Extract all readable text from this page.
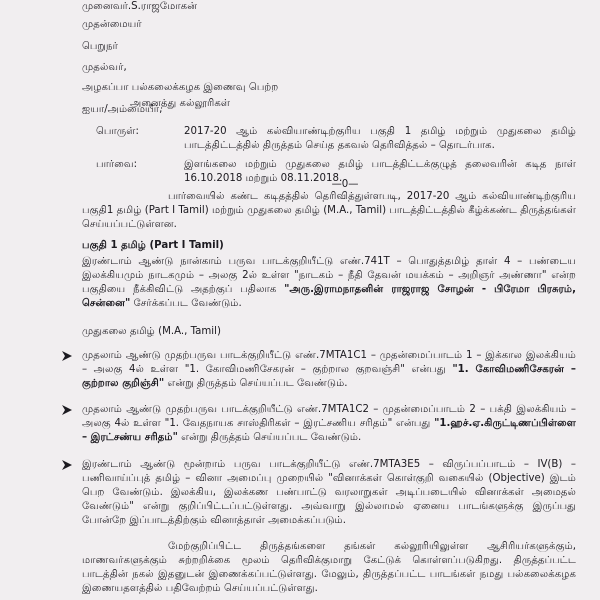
முனைவர்.S.ராஜமோகன்
முதன்மையர்
பெறுநர்
முதல்வர்,
அழகப்பா பல்கலைக்கழக இணைவு பெற்ற
அனைத்து கல்லூரிகள்
ஐயா/அம்மையீர்,
பொருள்:	2017-20 ஆம் கல்வியாண்டிற்குரிய பகுதி 1 தமிழ் மற்றும் முதுகலை தமிழ் பாடத்திட்டத்தில் திருத்தம் செய்த தகவல் தெரிவித்தல் – தொடர்பாக.
பார்வை:	இளங்கலை மற்றும் முதுகலை தமிழ் பாடத்திட்டக்குழுத் தலைவரின் கடித நாள் 16.10.2018 மற்றும் 08.11.2018.
—0—
பார்வையில் கண்ட கடிதத்தில் தெரிவித்துள்ளபடி, 2017-20 ஆம் கல்வியாண்டிற்குரிய பகுதி1 தமிழ் (Part I Tamil) மற்றும் முதுகலை தமிழ் (M.A., Tamil) பாடத்திட்டத்தில் கீழ்க்கண்ட திருத்தங்கள் செய்யப்பட்டுள்ளன.
பகுதி 1 தமிழ் (Part I Tamil)
இரண்டாம் ஆண்டு நான்காம் பருவ பாடக்குறியீட்டு எண்.741T – பொதுத்தமிழ் தாள் 4 – பண்டைய இலக்கியமும் நாடகமும் – அலகு 2ல் உள்ள "நாடகம் – நீதி தேவன் மயக்கம் – அறிஞர் அண்ணா" என்ற பகுதியை நீக்கிவிட்டு அதற்குப் பதிலாக "அரு.இராமநாதனின் ராஜராஜ சோழன் - பிரேமா பிரசுரம், சென்னை" சேர்க்கப்பட வேண்டும்.
முதுகலை தமிழ் (M.A., Tamil)
முதலாம் ஆண்டு முதற்பருவ பாடக்குறியீட்டு எண்.7MTA1C1 – முதன்மைப்பாடம் 1 – இக்கால இலக்கியம் – அலகு 4ல் உள்ள "1. கோவிமணிசேகரன் – குற்றால குறவஞ்சி" என்பது "1. கோவிமணிசேகரன் – குற்றால குறிஞ்சி" என்று திருத்தம் செய்யப்பட வேண்டும்.
முதலாம் ஆண்டு முதற்பருவ பாடக்குறியீட்டு எண்.7MTA1C2 – முதன்மைப்பாடம் 2 – பக்தி இலக்கியம் – அலகு 4ல் உள்ள "1. வேதநாயக சாஸ்திரிகள் – இரட்சணிய சரிதம்" என்பது "1.ஹச்.ஏ.கிருட்டிணப்பிள்ளை – இரட்சண்ய சரிதம்" என்று திருத்தம் செய்யப்பட வேண்டும்.
இரண்டாம் ஆண்டு மூன்றாம் பருவ பாடக்குறியீட்டு எண்.7MTA3E5 – விருப்பப்பாடம் – IV(B) – பணிவாய்ப்புத் தமிழ் – வினா அமைப்பு முறையில் "வினாக்கள் கொள்குறி வகையில் (Objective) இடம் பெற வேண்டும். இலக்கிய, இலக்கண பண்பாட்டு வரலாறுகள் அடிப்படையில் வினாக்கள் அமைதல் வேண்டும்" என்று குறிப்பிட்டப்பட்டுள்ளது. அவ்வாறு இல்லாமல் ஏனைய பாடங்களுக்கு இருப்பது போன்றே இப்பாடத்திற்கும் வினாத்தாள் அமைக்கப்படும்.
மேற்குறிப்பிட்ட திருத்தங்களை தங்கள் கல்லூரியிலுள்ள ஆசிரியர்களுக்கும், மாணவர்களுக்கும் சுற்றறிக்கை மூலம் தெரிவிக்குமாறு கேட்டுக் கொள்ளப்படுகிறது. திருத்தப்பட்ட பாடத்தின் நகல் இதனுடன் இணைக்கப்பட்டுள்ளது. மேலும், திருத்தப்பட்ட பாடங்கள் நமது பல்கலைக்கழக இணையதளத்தில் பதிவேற்றம் செய்யப்பட்டுள்ளது.
